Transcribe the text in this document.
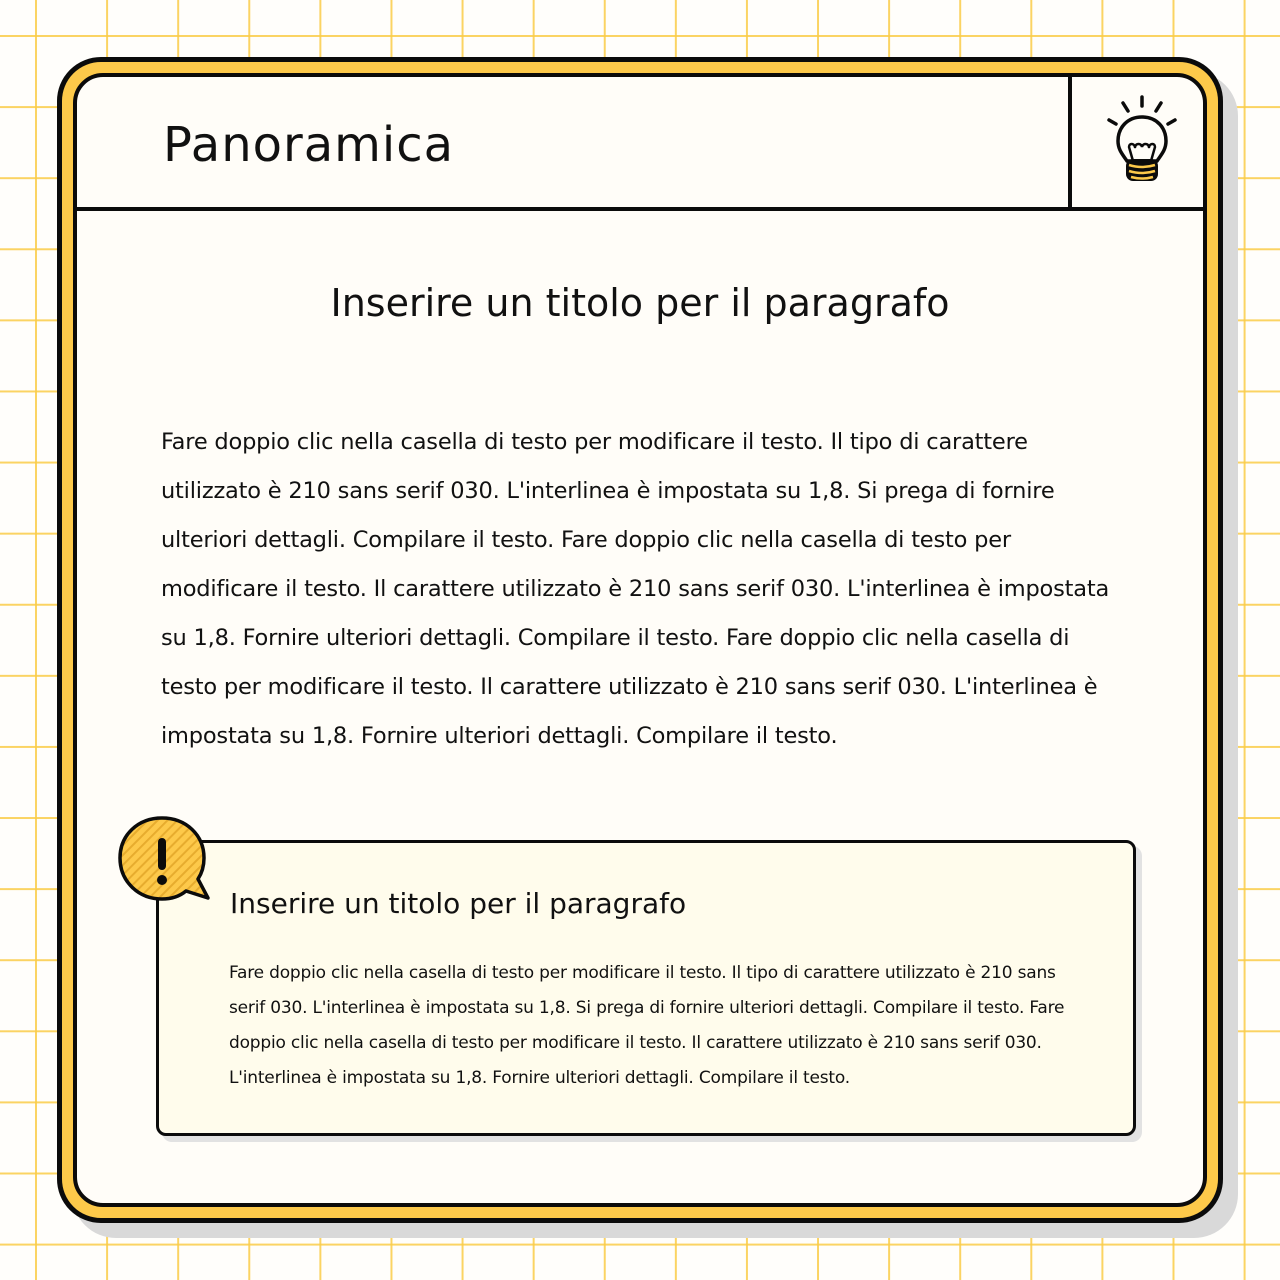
Panoramica
Inserire un titolo per il paragrafo
Fare doppio clic nella casella di testo per modificare il testo. Il tipo di carattere utilizzato è 210 sans serif 030. L'interlinea è impostata su 1,8. Si prega di fornire ulteriori dettagli. Compilare il testo. Fare doppio clic nella casella di testo per modificare il testo. Il carattere utilizzato è 210 sans serif 030. L'interlinea è impostata su 1,8. Fornire ulteriori dettagli. Compilare il testo. Fare doppio clic nella casella di testo per modificare il testo. Il carattere utilizzato è 210 sans serif 030. L'interlinea è impostata su 1,8. Fornire ulteriori dettagli. Compilare il testo.
Inserire un titolo per il paragrafo
Fare doppio clic nella casella di testo per modificare il testo. Il tipo di carattere utilizzato è 210 sans serif 030. L'interlinea è impostata su 1,8. Si prega di fornire ulteriori dettagli. Compilare il testo. Fare doppio clic nella casella di testo per modificare il testo. Il carattere utilizzato è 210 sans serif 030. L'interlinea è impostata su 1,8. Fornire ulteriori dettagli. Compilare il testo.
